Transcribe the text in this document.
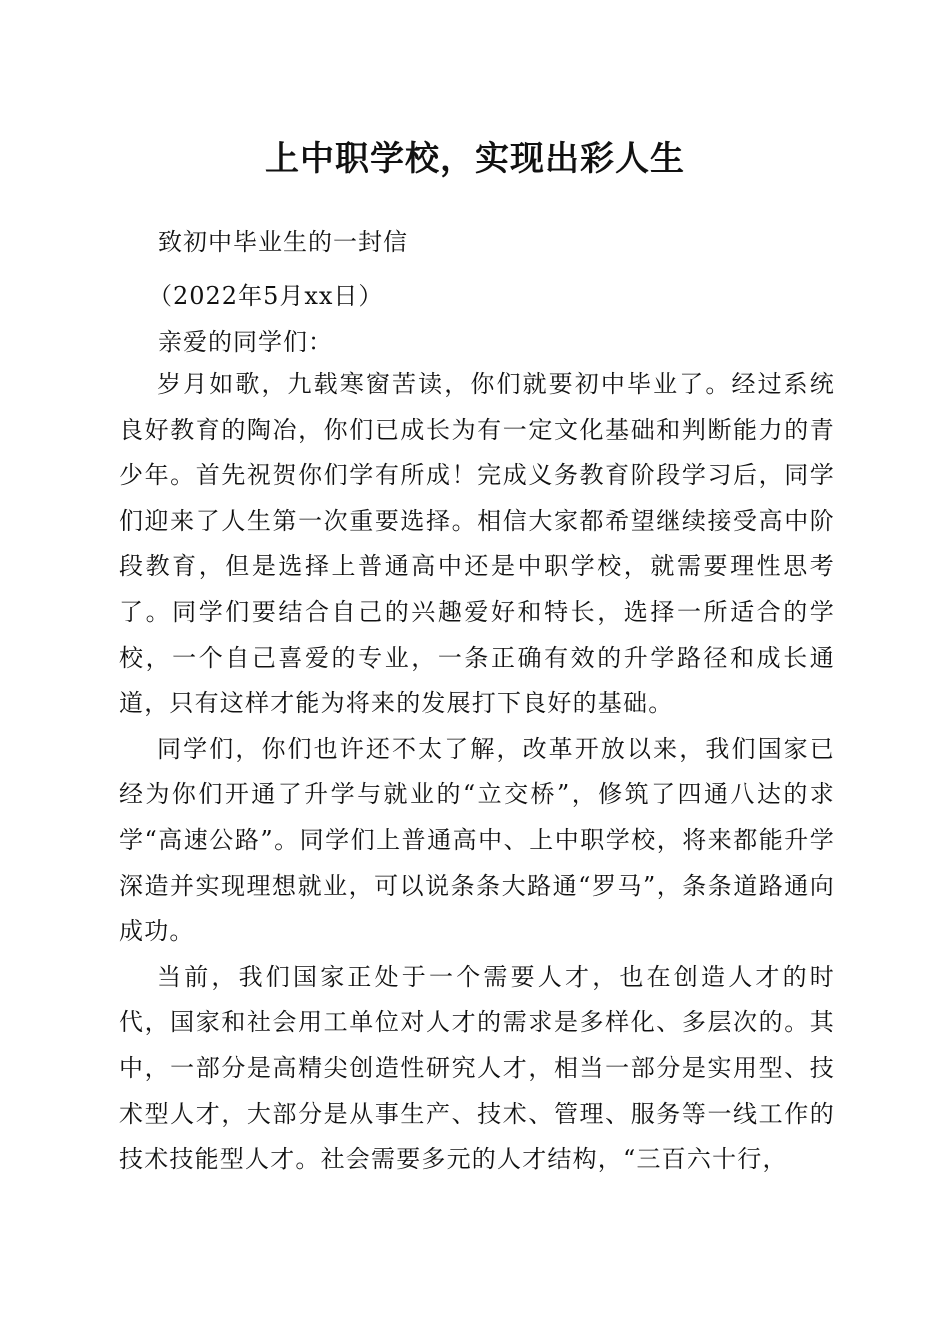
上中职学校，实现出彩人生

致初中毕业生的一封信

（2022年5月xx日）

亲爱的同学们：

岁月如歌，九载寒窗苦读，你们就要初中毕业了。经过系统良好教育的陶冶，你们已成长为有一定文化基础和判断能力的青少年。首先祝贺你们学有所成！完成义务教育阶段学习后，同学们迎来了人生第一次重要选择。相信大家都希望继续接受高中阶段教育，但是选择上普通高中还是中职学校，就需要理性思考了。同学们要结合自己的兴趣爱好和特长，选择一所适合的学校，一个自己喜爱的专业，一条正确有效的升学路径和成长通道，只有这样才能为将来的发展打下良好的基础。

同学们，你们也许还不太了解，改革开放以来，我们国家已经为你们开通了升学与就业的“立交桥”，修筑了四通八达的求学“高速公路”。同学们上普通高中、上中职学校，将来都能升学深造并实现理想就业，可以说条条大路通“罗马”，条条道路通向成功。

当前，我们国家正处于一个需要人才，也在创造人才的时代，国家和社会用工单位对人才的需求是多样化、多层次的。其中，一部分是高精尖创造性研究人才，相当一部分是实用型、技术型人才，大部分是从事生产、技术、管理、服务等一线工作的技术技能型人才。社会需要多元的人才结构，“三百六十行，
